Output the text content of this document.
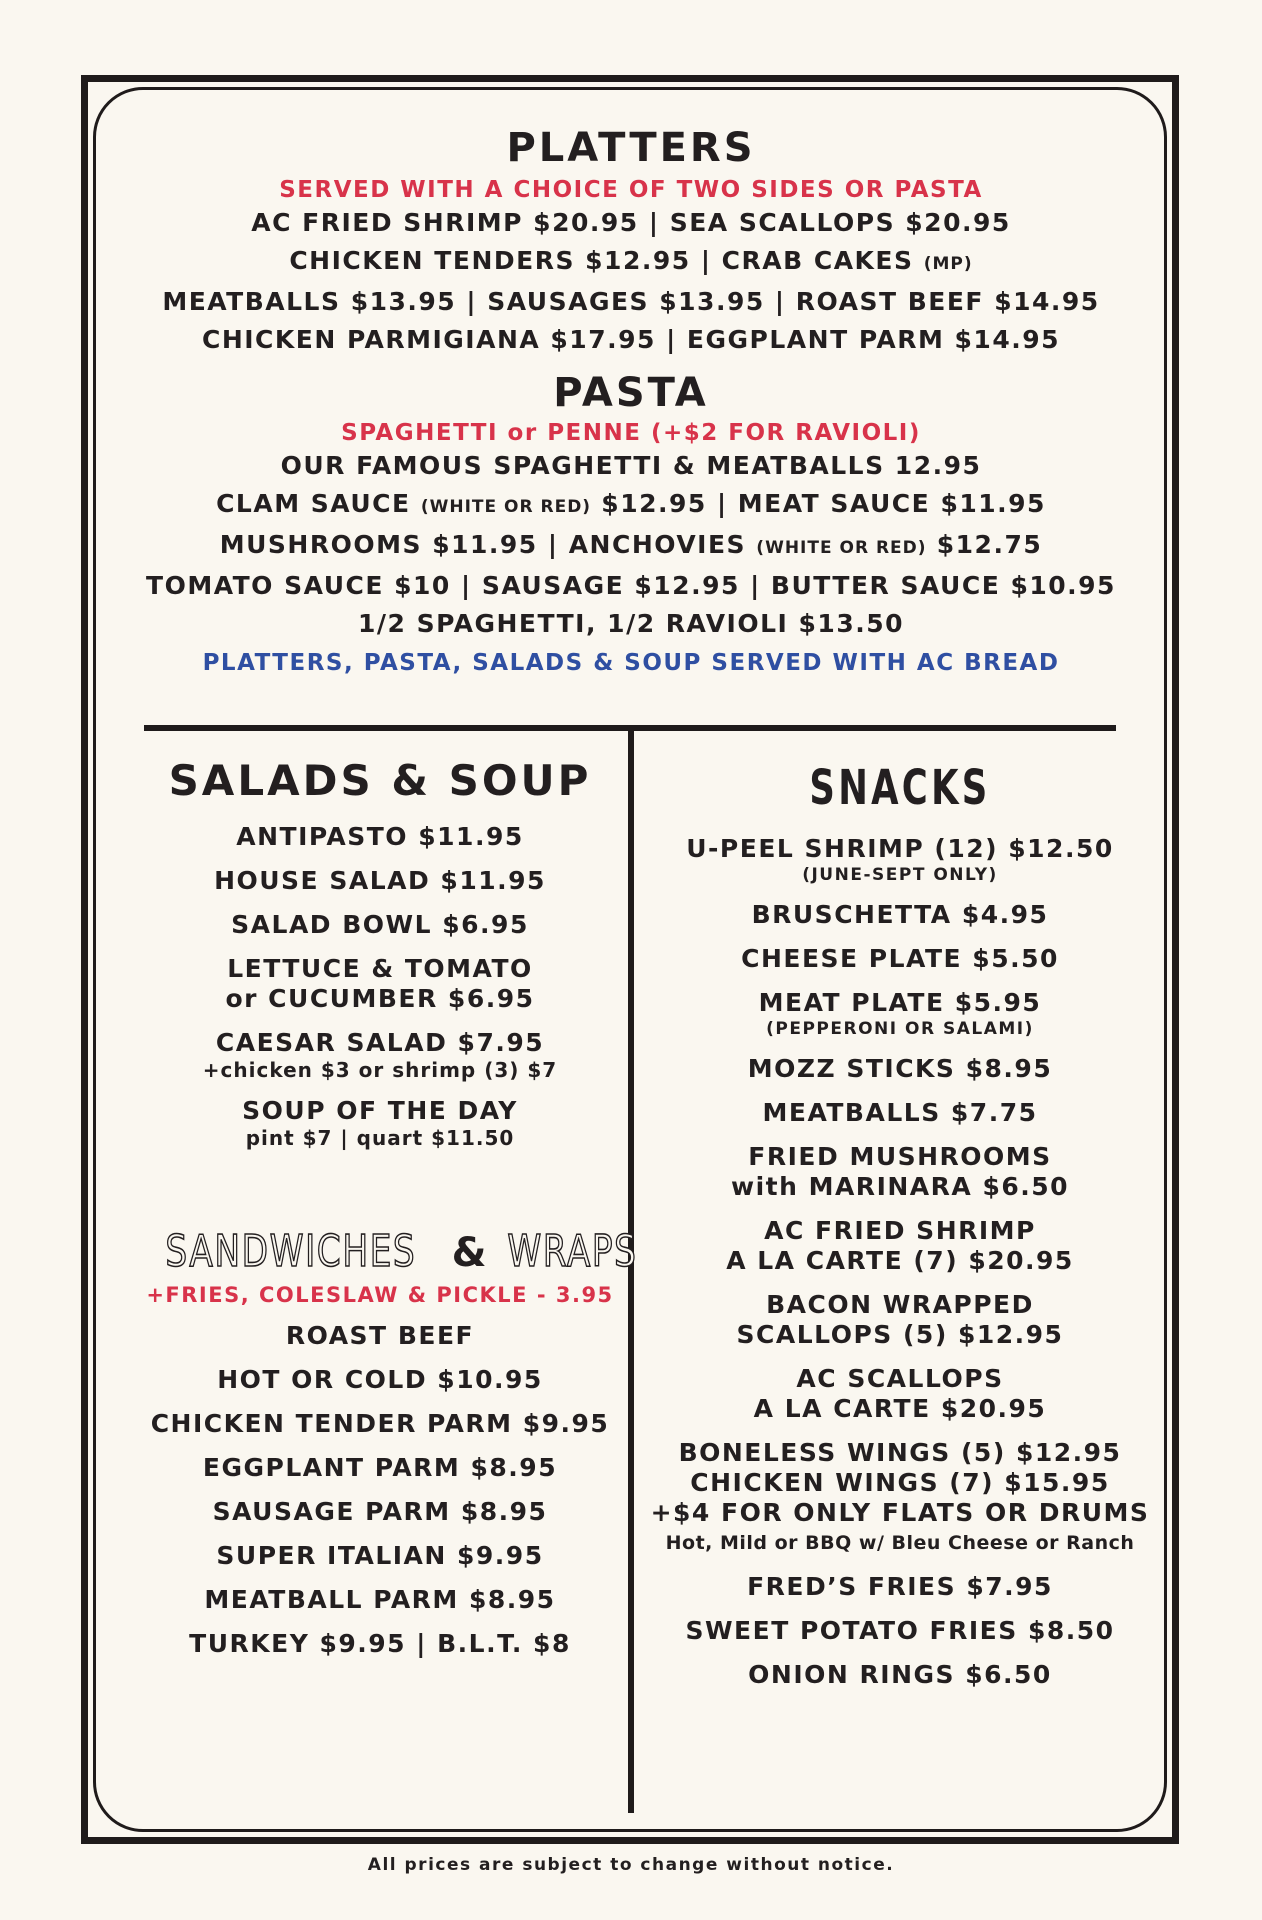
PLATTERS
SERVED WITH A CHOICE OF TWO SIDES OR PASTA
AC FRIED SHRIMP $20.95 | SEA SCALLOPS $20.95
CHICKEN TENDERS $12.95 | CRAB CAKES (MP)
MEATBALLS $13.95 | SAUSAGES $13.95 | ROAST BEEF $14.95
CHICKEN PARMIGIANA $17.95 | EGGPLANT PARM $14.95
PASTA
SPAGHETTI or PENNE (+$2 FOR RAVIOLI)
OUR FAMOUS SPAGHETTI & MEATBALLS 12.95
CLAM SAUCE (WHITE OR RED) $12.95 | MEAT SAUCE $11.95
MUSHROOMS $11.95 | ANCHOVIES (WHITE OR RED) $12.75
TOMATO SAUCE $10 | SAUSAGE $12.95 | BUTTER SAUCE $10.95
1/2 SPAGHETTI, 1/2 RAVIOLI $13.50
PLATTERS, PASTA, SALADS & SOUP SERVED WITH AC BREAD
SALADS & SOUP
ANTIPASTO $11.95
HOUSE SALAD $11.95
SALAD BOWL $6.95
LETTUCE & TOMATO
or CUCUMBER $6.95
CAESAR SALAD $7.95
+chicken $3 or shrimp (3) $7
SOUP OF THE DAY
pint $7 | quart $11.50
SANDWICHES & WRAPS
+FRIES, COLESLAW & PICKLE - 3.95
ROAST BEEF
HOT OR COLD $10.95
CHICKEN TENDER PARM $9.95
EGGPLANT PARM $8.95
SAUSAGE PARM $8.95
SUPER ITALIAN $9.95
MEATBALL PARM $8.95
TURKEY $9.95 | B.L.T. $8
SNACKS
U-PEEL SHRIMP (12) $12.50
(JUNE-SEPT ONLY)
BRUSCHETTA $4.95
CHEESE PLATE $5.50
MEAT PLATE $5.95
(PEPPERONI OR SALAMI)
MOZZ STICKS $8.95
MEATBALLS $7.75
FRIED MUSHROOMS
with MARINARA $6.50
AC FRIED SHRIMP
A LA CARTE (7) $20.95
BACON WRAPPED
SCALLOPS (5) $12.95
AC SCALLOPS
A LA CARTE $20.95
BONELESS WINGS (5) $12.95
CHICKEN WINGS (7) $15.95
+$4 FOR ONLY FLATS OR DRUMS
Hot, Mild or BBQ w/ Bleu Cheese or Ranch
FRED’S FRIES $7.95
SWEET POTATO FRIES $8.50
ONION RINGS $6.50
All prices are subject to change without notice.
